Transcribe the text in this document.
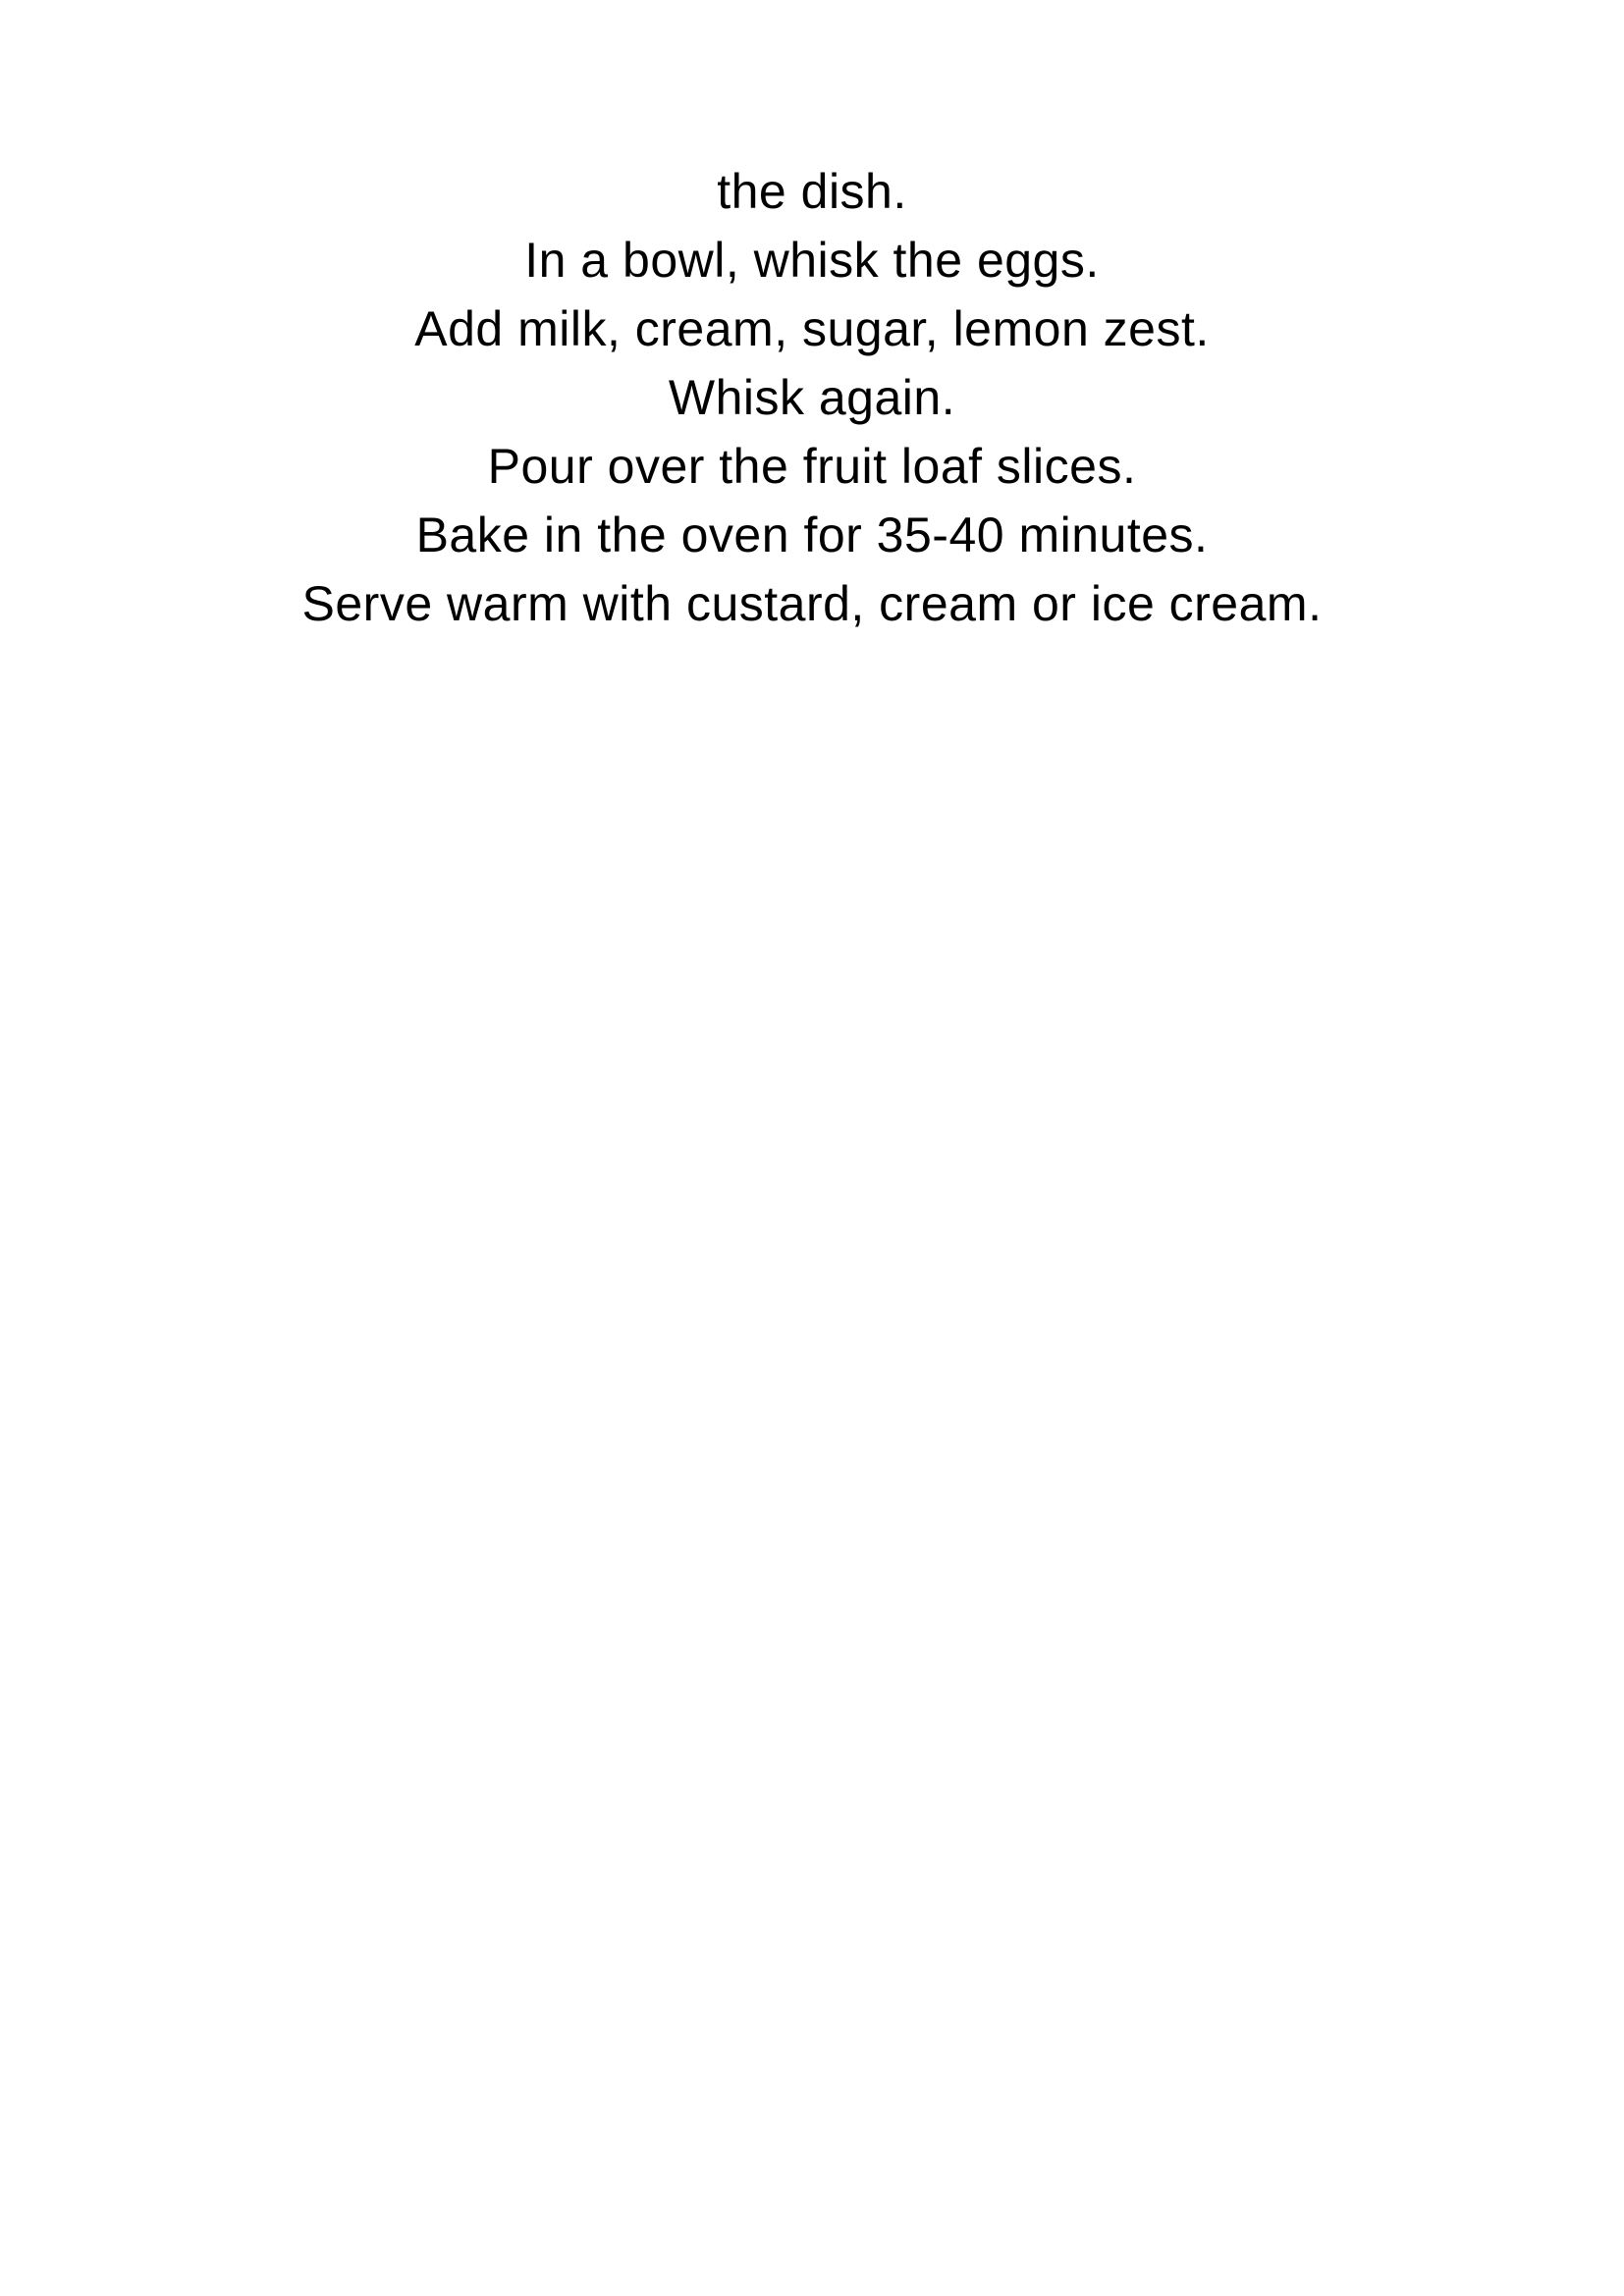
the dish.
In a bowl, whisk the eggs.
Add milk, cream, sugar, lemon zest.
Whisk again.
Pour over the fruit loaf slices.
Bake in the oven for 35-40 minutes.
Serve warm with custard, cream or ice cream.
